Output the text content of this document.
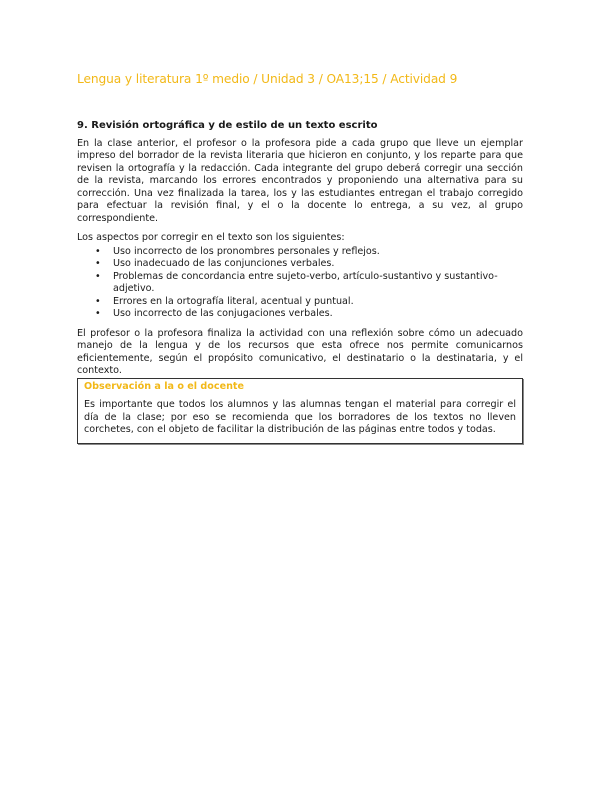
Lengua y literatura 1º medio / Unidad 3 / OA13;15 / Actividad 9

9. Revisión ortográfica y de estilo de un texto escrito

En la clase anterior, el profesor o la profesora pide a cada grupo que lleve un ejemplar impreso del borrador de la revista literaria que hicieron en conjunto, y los reparte para que revisen la ortografía y la redacción. Cada integrante del grupo deberá corregir una sección de la revista, marcando los errores encontrados y proponiendo una alternativa para su corrección. Una vez finalizada la tarea, los y las estudiantes entregan el trabajo corregido para efectuar la revisión final, y el o la docente lo entrega, a su vez, al grupo correspondiente.

Los aspectos por corregir en el texto son los siguientes:

• Uso incorrecto de los pronombres personales y reflejos.
• Uso inadecuado de las conjunciones verbales.
• Problemas de concordancia entre sujeto-verbo, artículo-sustantivo y sustantivo-adjetivo.
• Errores en la ortografía literal, acentual y puntual.
• Uso incorrecto de las conjugaciones verbales.

El profesor o la profesora finaliza la actividad con una reflexión sobre cómo un adecuado manejo de la lengua y de los recursos que esta ofrece nos permite comunicarnos eficientemente, según el propósito comunicativo, el destinatario o la destinataria, y el contexto.

Observación a la o el docente

Es importante que todos los alumnos y las alumnas tengan el material para corregir el día de la clase; por eso se recomienda que los borradores de los textos no lleven corchetes, con el objeto de facilitar la distribución de las páginas entre todos y todas.
